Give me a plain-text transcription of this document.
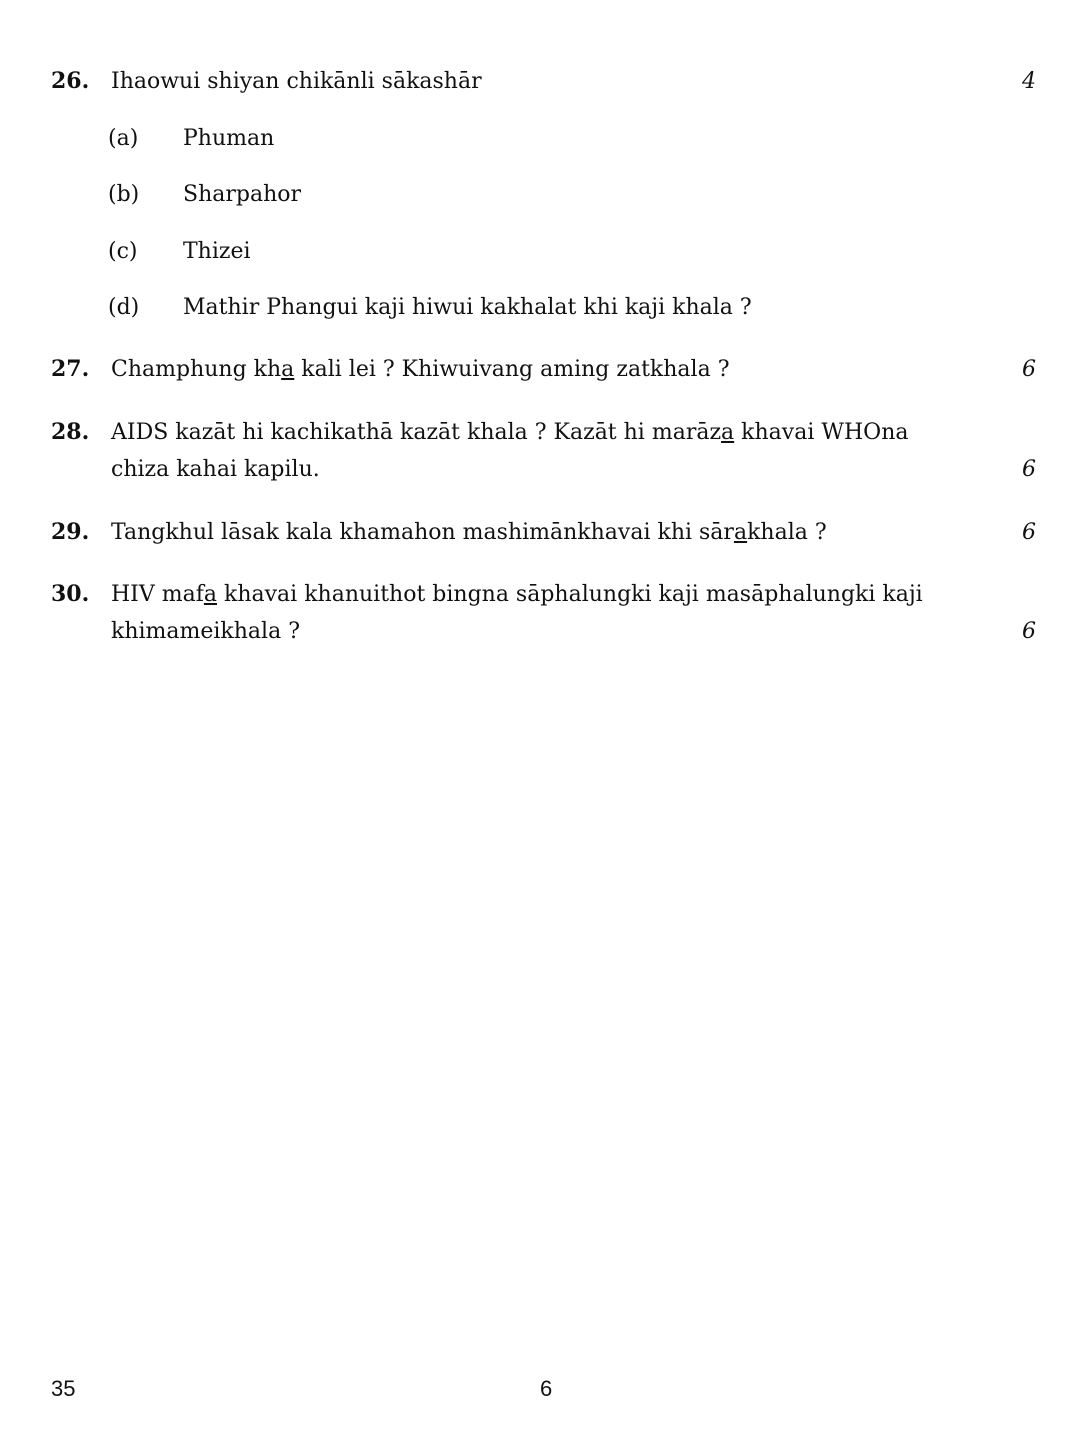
26. Ihaowui shiyan chikānli sākashār	4
(a)	Phuman
(b)	Sharpahor
(c)	Thizei
(d)	Mathir Phangui kaji hiwui kakhalat khi kaji khala ?
27. Champhung kha kali lei ? Khiwuivang aming zatkhala ?	6
28. AIDS kazāt hi kachikathā kazāt khala ? Kazāt hi marāza khavai WHOna
chiza kahai kapilu.	6
29. Tangkhul lāsak kala khamahon mashimānkhavai khi sārakhala ?	6
30. HIV mafa khavai khanuithot bingna sāphalungki kaji masāphalungki kaji
khimameikhala ?	6
35	6
